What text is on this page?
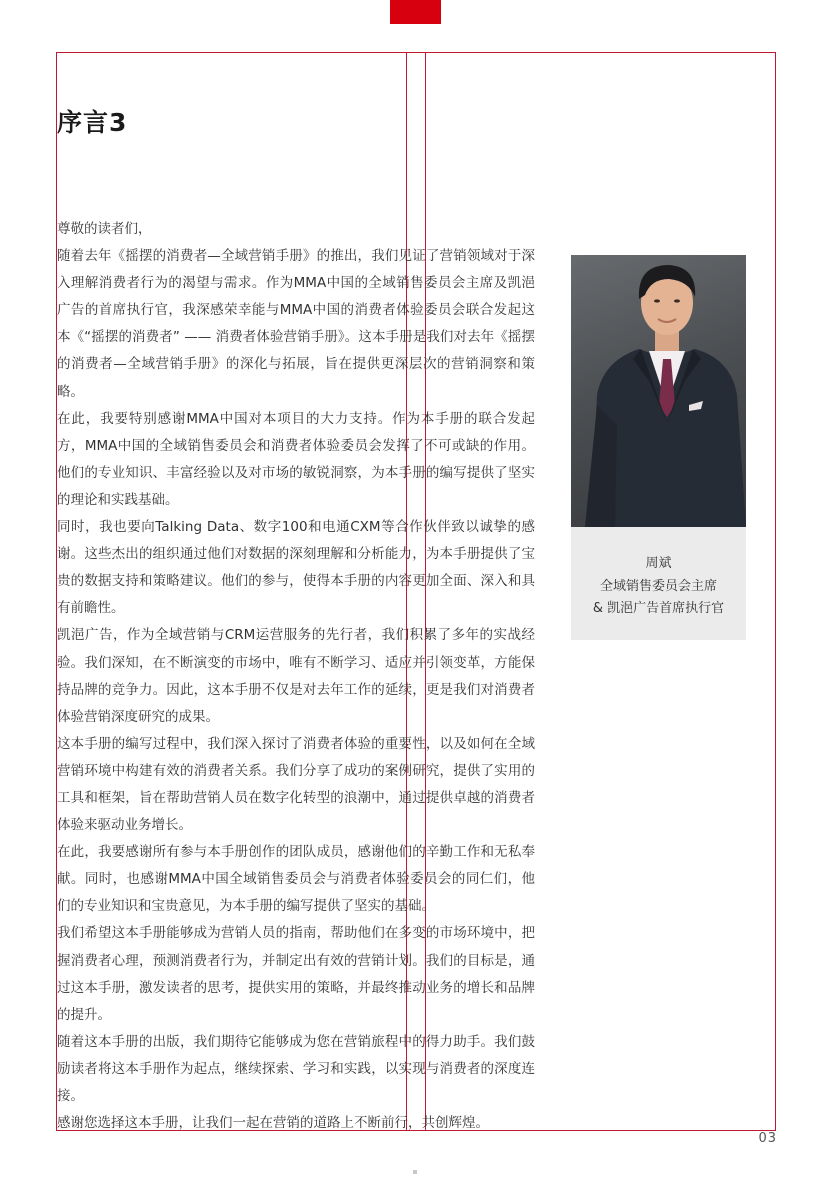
序言3

尊敬的读者们，

随着去年《摇摆的消费者—全域营销手册》的推出，我们见证了营销领域对于深入理解消费者行为的渴望与需求。作为MMA中国的全域销售委员会主席及凯浥广告的首席执行官，我深感荣幸能与MMA中国的消费者体验委员会联合发起这本《“摇摆的消费者” —— 消费者体验营销手册》。这本手册是我们对去年《摇摆的消费者—全域营销手册》的深化与拓展，旨在提供更深层次的营销洞察和策略。

在此，我要特别感谢MMA中国对本项目的大力支持。作为本手册的联合发起方，MMA中国的全域销售委员会和消费者体验委员会发挥了不可或缺的作用。他们的专业知识、丰富经验以及对市场的敏锐洞察，为本手册的编写提供了坚实的理论和实践基础。

同时，我也要向Talking Data、数字100和电通CXM等合作伙伴致以诚挚的感谢。这些杰出的组织通过他们对数据的深刻理解和分析能力，为本手册提供了宝贵的数据支持和策略建议。他们的参与，使得本手册的内容更加全面、深入和具有前瞻性。

凯浥广告，作为全域营销与CRM运营服务的先行者，我们积累了多年的实战经验。我们深知，在不断演变的市场中，唯有不断学习、适应并引领变革，方能保持品牌的竞争力。因此，这本手册不仅是对去年工作的延续，更是我们对消费者体验营销深度研究的成果。

这本手册的编写过程中，我们深入探讨了消费者体验的重要性，以及如何在全域营销环境中构建有效的消费者关系。我们分享了成功的案例研究，提供了实用的工具和框架，旨在帮助营销人员在数字化转型的浪潮中，通过提供卓越的消费者体验来驱动业务增长。

在此，我要感谢所有参与本手册创作的团队成员，感谢他们的辛勤工作和无私奉献。同时，也感谢MMA中国全域销售委员会与消费者体验委员会的同仁们，他们的专业知识和宝贵意见，为本手册的编写提供了坚实的基础。

我们希望这本手册能够成为营销人员的指南，帮助他们在多变的市场环境中，把握消费者心理，预测消费者行为，并制定出有效的营销计划。我们的目标是，通过这本手册，激发读者的思考，提供实用的策略，并最终推动业务的增长和品牌的提升。

随着这本手册的出版，我们期待它能够成为您在营销旅程中的得力助手。我们鼓励读者将这本手册作为起点，继续探索、学习和实践，以实现与消费者的深度连接。

感谢您选择这本手册，让我们一起在营销的道路上不断前行，共创辉煌。

周斌
全域销售委员会主席
& 凯浥广告首席执行官
03
